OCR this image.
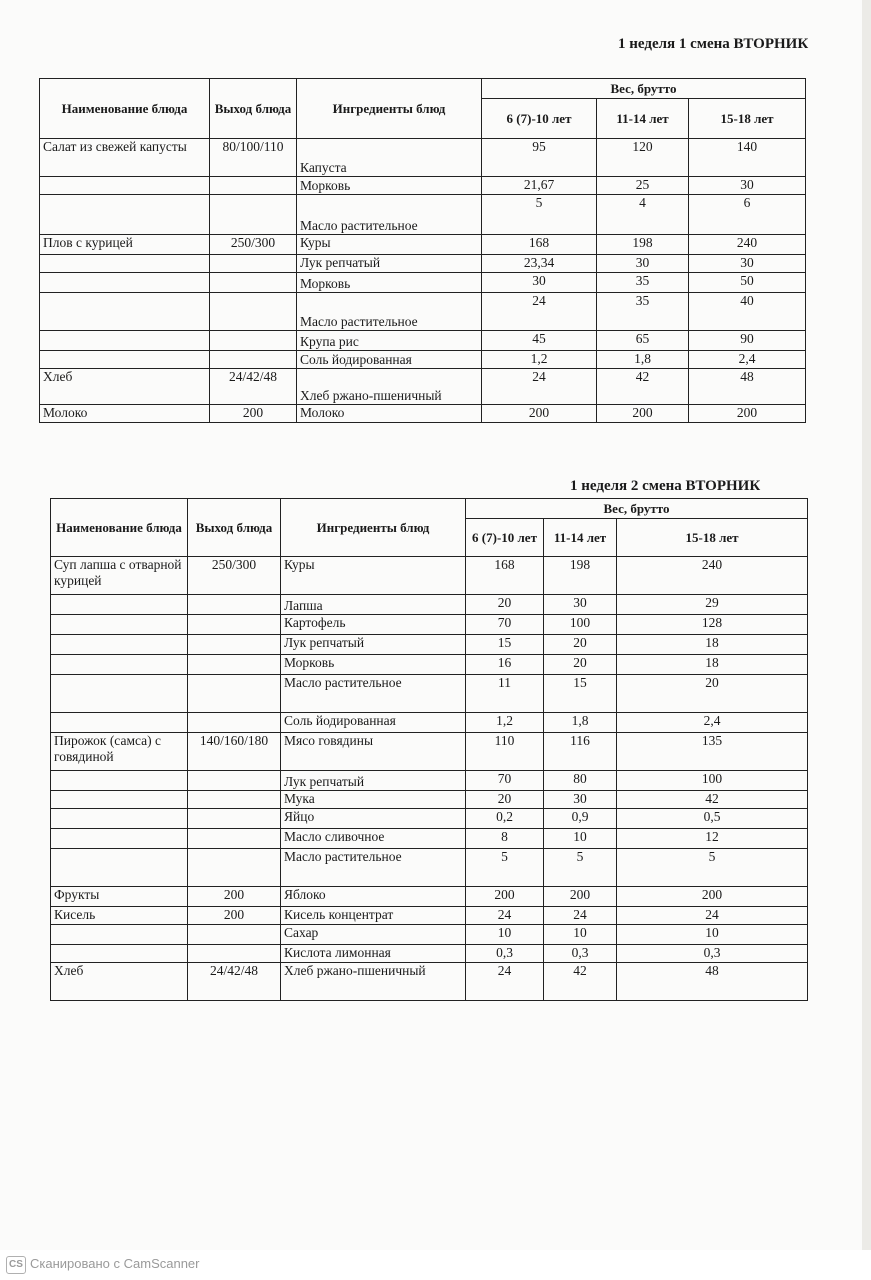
1 неделя 1 смена ВТОРНИК
Наименование блюда	Выход блюда	Ингредиенты блюд	Вес, брутто		
			6 (7)-10 лет	11-14 лет	15-18 лет
Салат из свежей капусты	80/100/110	Капуста	95	120	140
		Морковь	21,67	25	30
		Масло растительное	5	4	6
Плов с курицей	250/300	Куры	168	198	240
		Лук репчатый	23,34	30	30
		Морковь	30	35	50
		Масло растительное	24	35	40
		Крупа рис	45	65	90
		Соль йодированная	1,2	1,8	2,4
Хлеб	24/42/48	Хлеб ржано-пшеничный	24	42	48
Молоко	200	Молоко	200	200	200
1 неделя 2 смена ВТОРНИК
Наименование блюда	Выход блюда	Ингредиенты блюд	Вес, брутто		
			6 (7)-10 лет	11-14 лет	15-18 лет
Суп лапша с отварной курицей	250/300	Куры	168	198	240
		Лапша	20	30	29
		Картофель	70	100	128
		Лук репчатый	15	20	18
		Морковь	16	20	18
		Масло растительное	11	15	20
		Соль йодированная	1,2	1,8	2,4
Пирожок (самса) с говядиной	140/160/180	Мясо говядины	110	116	135
		Лук репчатый	70	80	100
		Мука	20	30	42
		Яйцо	0,2	0,9	0,5
		Масло сливочное	8	10	12
		Масло растительное	5	5	5
Фрукты	200	Яблоко	200	200	200
Кисель	200	Кисель концентрат	24	24	24
		Сахар	10	10	10
		Кислота лимонная	0,3	0,3	0,3
Хлеб	24/42/48	Хлеб ржано-пшеничный	24	42	48
CS Сканировано с CamScanner
